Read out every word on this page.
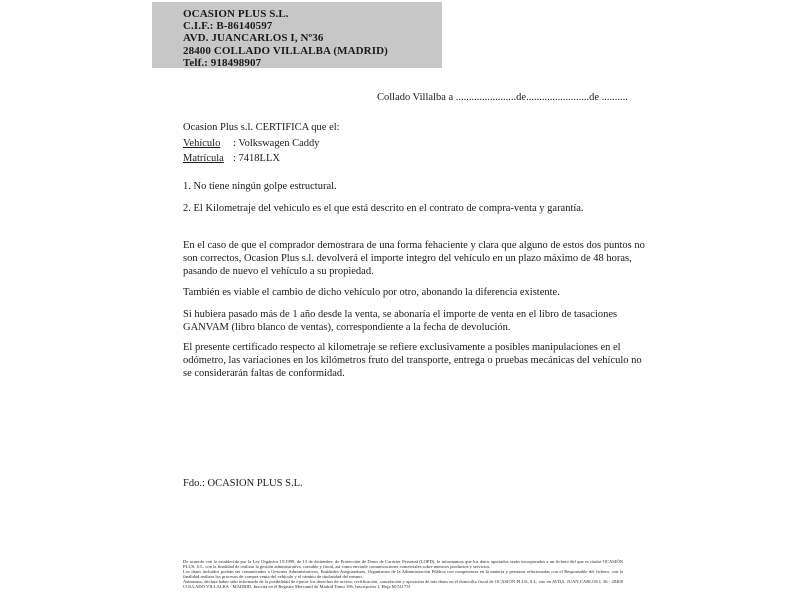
OCASION PLUS S.L.
C.I.F.: B-86140597
AVD. JUANCARLOS I, Nº36
28400 COLLADO VILLALBA (MADRID)
Telf.: 918498907
Collado Villalba a .......................de........................de ..........
Ocasion Plus s.l. CERTIFICA que el:
Vehículo : Volkswagen Caddy
Matrícula : 7418LLX
1. No tiene ningún golpe estructural.
2. El Kilometraje del vehículo es el que está descrito en el contrato de compra-venta y garantía.
En el caso de que el comprador demostrara de una forma fehaciente y clara que alguno de estos dos puntos no son correctos, Ocasion Plus s.l. devolverá el importe integro del vehículo en un plazo máximo de 48 horas, pasando de nuevo el vehículo a su propiedad.
También es viable el cambio de dicho vehículo por otro, abonando la diferencia existente.
Si hubiera pasado más de 1 año desde la venta, se abonaría el importe de venta en el libro de tasaciones GANVAM (libro blanco de ventas), correspondiente a la fecha de devolución.
El presente certificado respecto al kilometraje se refiere exclusivamente a posibles manipulaciones en el odómetro, las variaciones en los kilómetros fruto del transporte, entrega o pruebas mecánicas del vehículo no se considerarán faltas de conformidad.
Fdo.: OCASION PLUS S.L.

De acuerdo con lo establecido por la Ley Orgánica 15/1999, de 13 de diciembre, de Protección de Datos de Carácter Personal (LOPD), le informamos que los datos aportados serán incorporados a un fichero del que es titular OCASIÓN PLUS, S.L. con la finalidad de realizar la gestión administrativa, contable y fiscal, así como enviarle comunicaciones comerciales sobre nuestros productos y servicios.

Los datos incluidos podrán ser comunicados a Gestores Administrativos, Entidades Aseguradoras, Organismos de la Administración Pública con competencia en la materia y personas relacionadas con el Responsable del fichero, con la finalidad realizar los procesos de compra venta del vehículo y el cambio de titularidad del mismo.

Asimismo, declara haber sido informado de la posibilidad de ejercer los derechos de acceso, rectificación, cancelación y oposición de mis datos en el domicilio fiscal de OCASIÓN PLUS, S.L. sito en AVDA. JUAN CARLOS I, 36 - 28400 COLLADO VILLALBA - MADRID. Inscrita en el Registro Mercantil de Madrid Tomo 196, Inscripción 1, Hoja M-511731
